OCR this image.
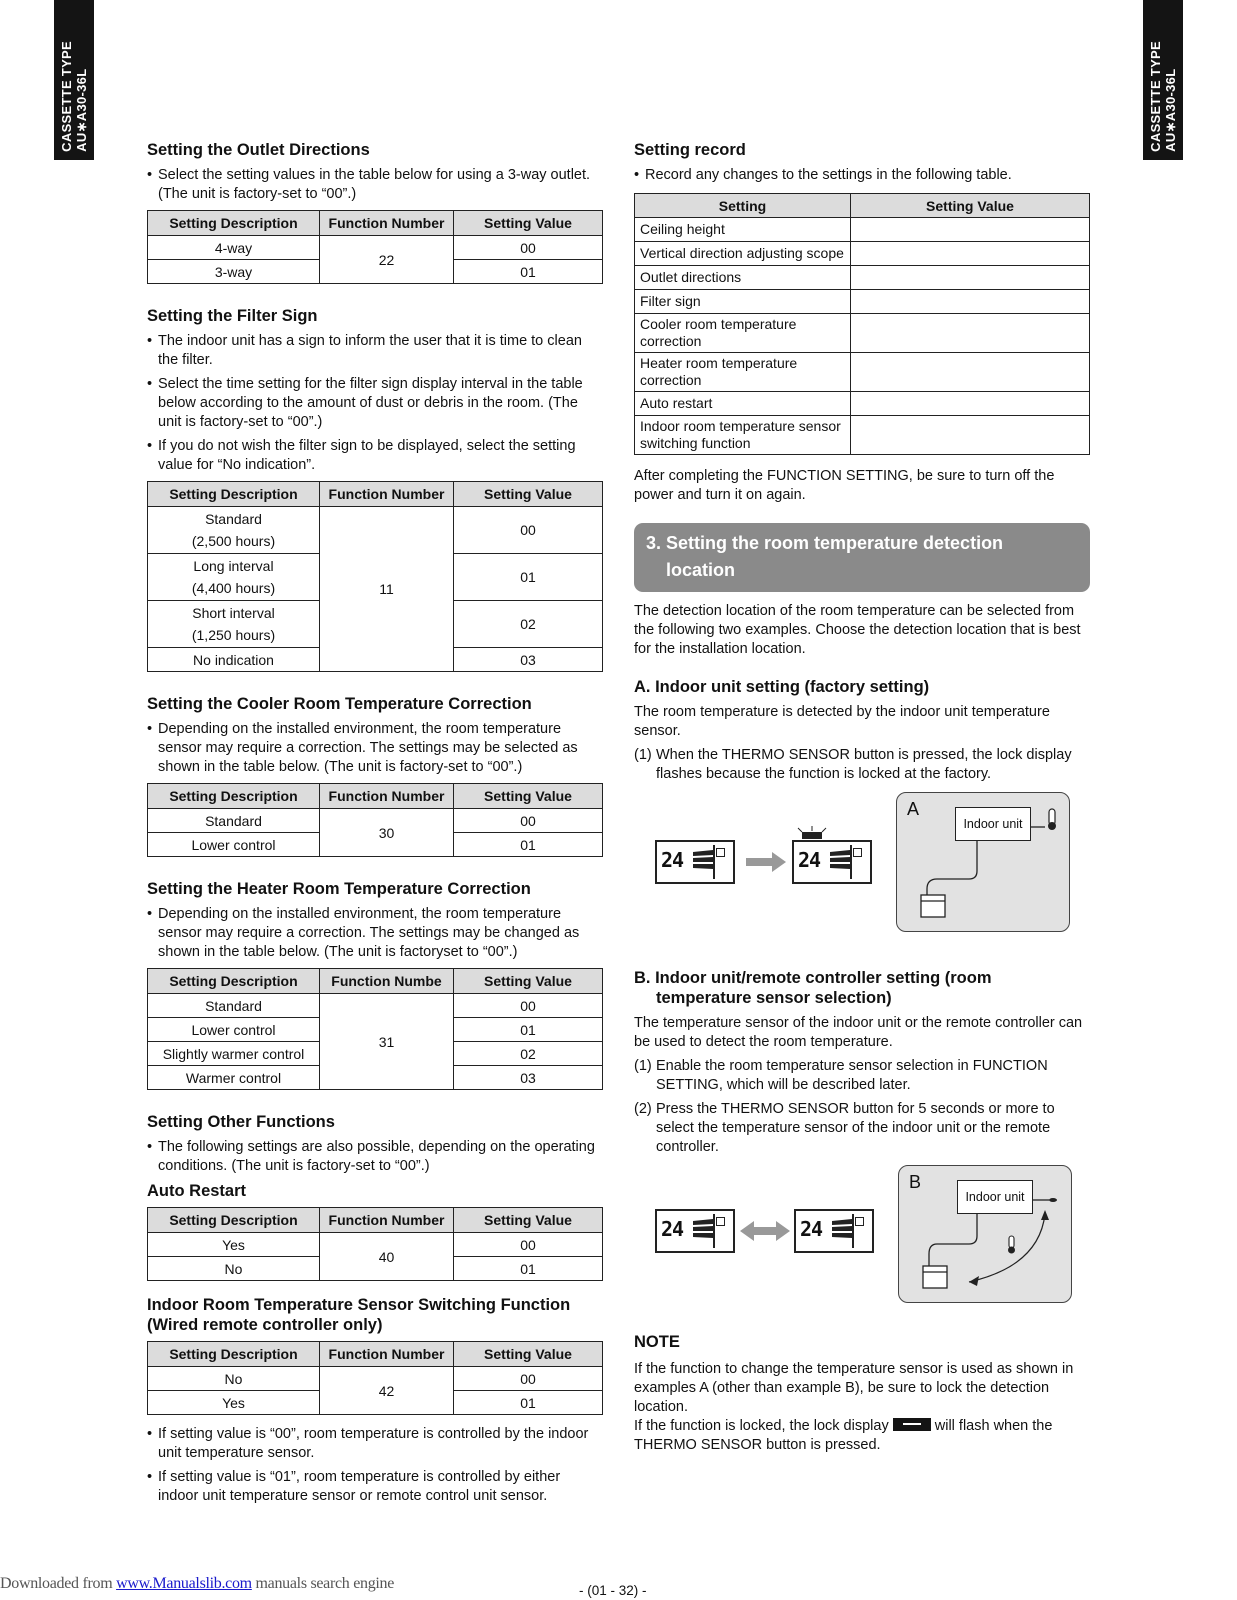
CASSETTE TYPE
AU∗A30-36L	CASSETTE TYPE
AU∗A30-36L
Setting the Outlet Directions
• Select the setting values in the table below for using a 3-way outlet. (The unit is factory-set to “00”.)
Setting Description	Function Number	Setting Value
4-way	22	00
3-way		01
Setting the Filter Sign
• The indoor unit has a sign to inform the user that it is time to clean the filter.
• Select the time setting for the filter sign display interval in the table below according to the amount of dust or debris in the room. (The unit is factory-set to “00”.)
• If you do not wish the filter sign to be displayed, select the setting value for “No indication”.
Setting Description	Function Number	Setting Value
Standard
(2,500 hours)	11	00
Long interval
(4,400 hours)		01
Short interval
(1,250 hours)		02
No indication		03
Setting the Cooler Room Temperature Correction
• Depending on the installed environment, the room temperature sensor may require a correction. The settings may be selected as shown in the table below. (The unit is factory-set to “00”.)
Setting Description	Function Number	Setting Value
Standard	30	00
Lower control		01
Setting the Heater Room Temperature Correction
• Depending on the installed environment, the room temperature sensor may require a correction. The settings may be changed as shown in the table below. (The unit is factoryset to “00”.)
Setting Description	Function Numbe	Setting Value
Standard	31	00
Lower control		01
Slightly warmer control		02
Warmer control		03
Setting Other Functions
• The following settings are also possible, depending on the operating conditions. (The unit is factory-set to “00”.)
Auto Restart
Setting Description	Function Number	Setting Value
Yes	40	00
No		01
Indoor Room Temperature Sensor Switching Function
(Wired remote controller only)
Setting Description	Function Number	Setting Value
No	42	00
Yes		01
• If setting value is “00”, room temperature is controlled by the indoor unit temperature sensor.
• If setting value is “01”, room temperature is controlled by either indoor unit temperature sensor or remote control unit sensor.
Setting record
• Record any changes to the settings in the following table.
Setting	Setting Value
Ceiling height	
Vertical direction adjusting scope	
Outlet directions	
Filter sign	
Cooler room temperature correction	
Heater room temperature correction	
Auto restart	
Indoor room temperature sensor switching function	

After completing the FUNCTION SETTING, be sure to turn off the power and turn it on again.

3. Setting the room temperature detection
location

The detection location of the room temperature can be selected from the following two examples. Choose the detection location that is best for the installation location.

A. Indoor unit setting (factory setting)

The room temperature is detected by the indoor unit temperature sensor.

(1) When the THERMO SENSOR button is pressed, the lock display flashes because the function is locked at the factory.
24	24
A
Indoor unit
B. Indoor unit/remote controller setting (room
temperature sensor selection)

The temperature sensor of the indoor unit or the remote controller can be used to detect the room temperature.

(1) Enable the room temperature sensor selection in FUNCTION SETTING, which will be described later.
(2) Press the THERMO SENSOR button for 5 seconds or more to select the temperature sensor of the indoor unit or the remote controller.
24	24
B
Indoor unit
NOTE

If the function to change the temperature sensor is used as shown in examples A (other than example B), be sure to lock the detection location.

If the function is locked, the lock display	will flash when the THERMO SENSOR button is pressed.

Downloaded from www.Manualslib.com manuals search engine	- (01 - 32) -
